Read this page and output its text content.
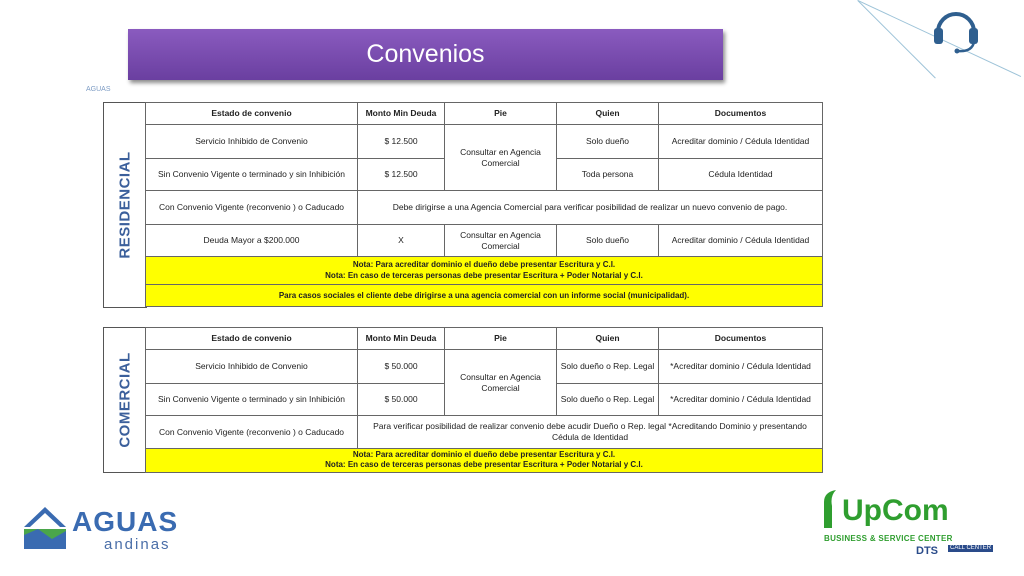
Convenios
AGUAS
RESIDENCIAL
Estado de convenio	Monto Min Deuda	Pie	Quien	Documentos
Servicio Inhibido de Convenio	$ 12.500	Consultar en Agencia Comercial	Solo dueño	Acreditar dominio / Cédula Identidad
Sin Convenio Vigente o terminado y sin Inhibición	$ 12.500		Toda persona	Cédula Identidad
Con Convenio Vigente (reconvenio ) o Caducado	Debe dirigirse a una Agencia Comercial para verificar posibilidad de realizar un nuevo convenio de pago.			
Deuda Mayor a $200.000	X	Consultar en Agencia Comercial	Solo dueño	Acreditar dominio / Cédula Identidad

Nota: Para acreditar dominio el dueño debe presentar Escritura y C.I.
Nota: En caso de terceras personas debe presentar Escritura + Poder Notarial y C.I.				

Para casos sociales el cliente debe dirigirse a una agencia comercial con un informe social (municipalidad).				
COMERCIAL
Estado de convenio	Monto Min Deuda	Pie	Quien	Documentos
Servicio Inhibido de Convenio	$ 50.000	Consultar en Agencia Comercial	Solo dueño o Rep. Legal	*Acreditar dominio / Cédula Identidad
Sin Convenio Vigente o terminado y sin Inhibición	$ 50.000		Solo dueño o Rep. Legal	*Acreditar dominio / Cédula Identidad
Con Convenio Vigente (reconvenio ) o Caducado	Para verificar posibilidad de realizar convenio debe acudir Dueño o Rep. legal *Acreditando Dominio y presentando Cédula de Identidad			

Nota: Para acreditar dominio el dueño debe presentar Escritura y C.I.
Nota: En caso de terceras personas debe presentar Escritura + Poder Notarial y C.I.				
AGUAS
andinas
UpCom
BUSINESS & SERVICE CENTER
DTS	CALL CENTER
